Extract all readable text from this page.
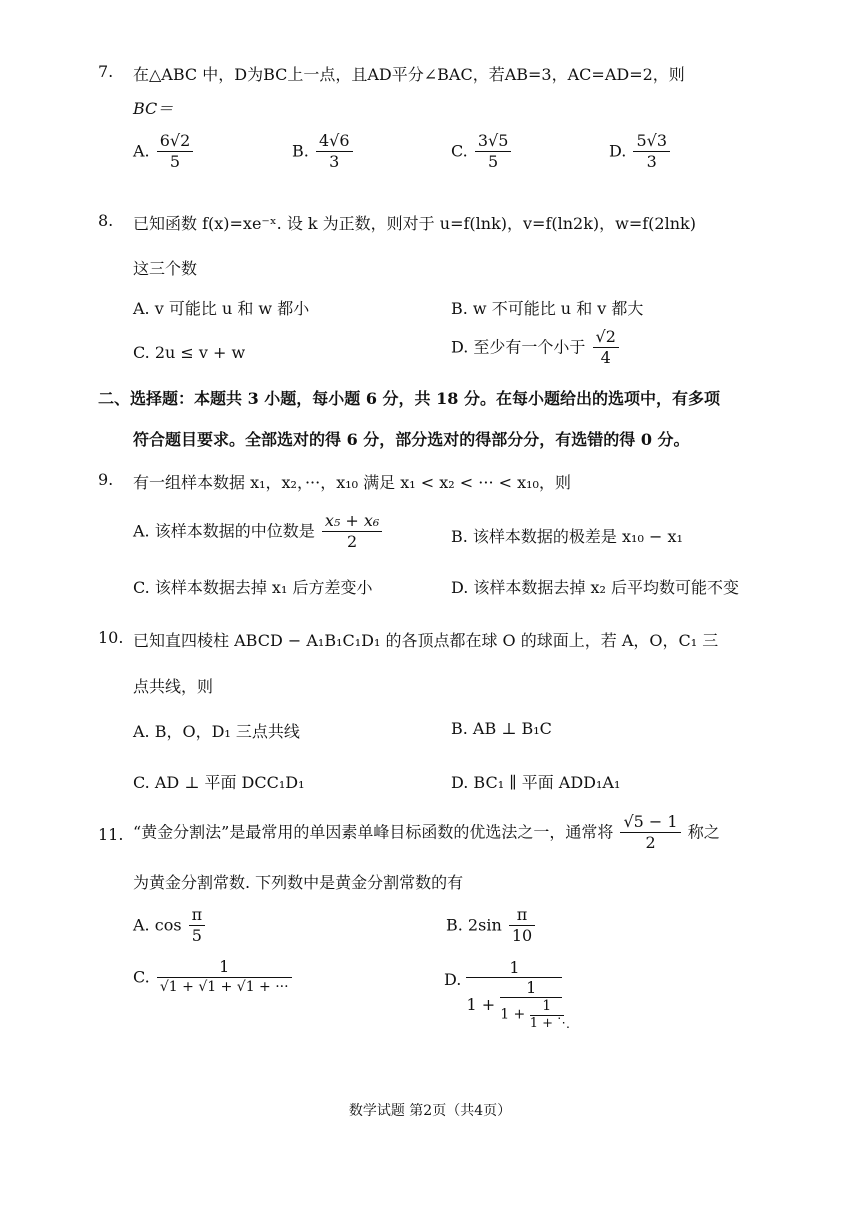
7. 在△ABC 中，D为BC上一点，且AD平分∠BAC，若AB=3，AC=AD=2，则
BC＝
A. $\frac{6√2}{5}$	B. $\frac{4√6}{3}$	C. $\frac{3√5}{5}$	D. $\frac{5√3}{3}$
8. 已知函数 f(x)=xe⁻ˣ. 设 k 为正数，则对于 u=f(lnk)，v=f(ln2k)，w=f(2lnk)
这三个数
A. v 可能比 u 和 w 都小	B. w 不可能比 u 和 v 都大
C. 2u ≤ v + w	D. 至少有一个小于 $\frac{√2}{4}$
二、选择题：本题共 3 小题，每小题 6 分，共 18 分。在每小题给出的选项中，有多项
符合题目要求。全部选对的得 6 分，部分选对的得部分分，有选错的得 0 分。
9. 有一组样本数据 x₁，x₂，···，x₁₀ 满足 x₁ < x₂ < ··· < x₁₀，则
A. 该样本数据的中位数是 $\frac{\text{x₅ + x₆}}{2}$	B. 该样本数据的极差是 x₁₀ − x₁
C. 该样本数据去掉 x₁ 后方差变小	D. 该样本数据去掉 x₂ 后平均数可能不变
10. 已知直四棱柱 ABCD − A₁B₁C₁D₁ 的各顶点都在球 O 的球面上，若 A，O，C₁ 三
点共线，则
A. B，O，D₁ 三点共线	B. AB ⊥ B₁C
C. AD ⊥ 平面 DCC₁D₁	D. BC₁ ∥ 平面 ADD₁A₁
11. “黄金分割法”是最常用的单因素单峰目标函数的优选法之一，通常将 $\frac{√5 - 1}{2}$ 称之
为黄金分割常数. 下列数中是黄金分割常数的有
A. $\cos \frac{\pi}{5}$	B. $2\sin \frac{\pi}{10}$
C. $\frac{1}{√1 + √1 + √1 + \cdot\cdot\cdot}$	D.
1
$1 + \frac{1}{1 + \frac{1}{1 + ⋱}}$
数学试题 第2页（共4页）
